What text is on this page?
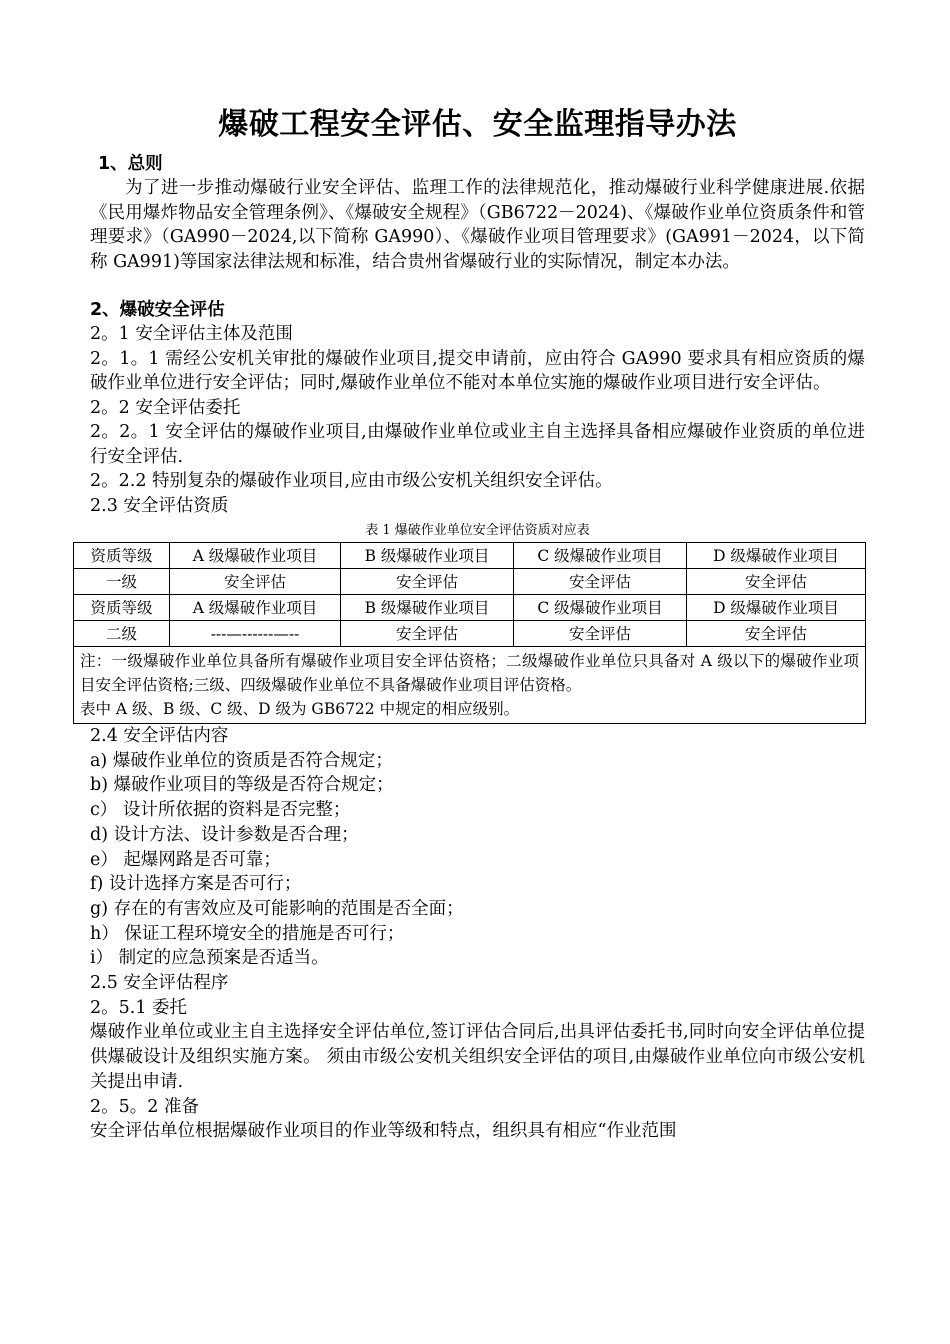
爆破工程安全评估、安全监理指导办法
1、总则

为了进一步推动爆破行业安全评估、监理工作的法律规范化，推动爆破行业科学健康进展.依据《民用爆炸物品安全管理条例》、《爆破安全规程》（GB6722－2024)、《爆破作业单位资质条件和管理要求》（GA990－2024,以下简称 GA990）、《爆破作业项目管理要求》(GA991－2024，以下简称 GA991)等国家法律法规和标准，结合贵州省爆破行业的实际情况，制定本办法。

2、爆破安全评估

2。1 安全评估主体及范围

2。1。1 需经公安机关审批的爆破作业项目,提交申请前，应由符合 GA990 要求具有相应资质的爆破作业单位进行安全评估；同时,爆破作业单位不能对本单位实施的爆破作业项目进行安全评估。

2。2 安全评估委托

2。2。1 安全评估的爆破作业项目,由爆破作业单位或业主自主选择具备相应爆破作业资质的单位进行安全评估.

2。2.2 特别复杂的爆破作业项目,应由市级公安机关组织安全评估。

2.3 安全评估资质

表 1 爆破作业单位安全评估资质对应表
资质等级	A 级爆破作业项目	B 级爆破作业项目	C 级爆破作业项目	D 级爆破作业项目
一级	安全评估	安全评估	安全评估	安全评估
资质等级	A 级爆破作业项目	B 级爆破作业项目	C 级爆破作业项目	D 级爆破作业项目
二级	---—------—--	安全评估	安全评估	安全评估

注：一级爆破作业单位具备所有爆破作业项目安全评估资格；二级爆破作业单位只具备对 A 级以下的爆破作业项目安全评估资格;三级、四级爆破作业单位不具备爆破作业项目评估资格。
表中 A 级、B 级、C 级、D 级为 GB6722 中规定的相应级别。				

2.4 安全评估内容

a) 爆破作业单位的资质是否符合规定；

b) 爆破作业项目的等级是否符合规定；

c） 设计所依据的资料是否完整；

d) 设计方法、设计参数是否合理；

e） 起爆网路是否可靠；

f) 设计选择方案是否可行；

g) 存在的有害效应及可能影响的范围是否全面；

h） 保证工程环境安全的措施是否可行；

i） 制定的应急预案是否适当。

2.5 安全评估程序

2。5.1 委托

爆破作业单位或业主自主选择安全评估单位,签订评估合同后,出具评估委托书,同时向安全评估单位提供爆破设计及组织实施方案。 须由市级公安机关组织安全评估的项目,由爆破作业单位向市级公安机关提出申请.

2。5。2 准备

安全评估单位根据爆破作业项目的作业等级和特点，组织具有相应“作业范围
